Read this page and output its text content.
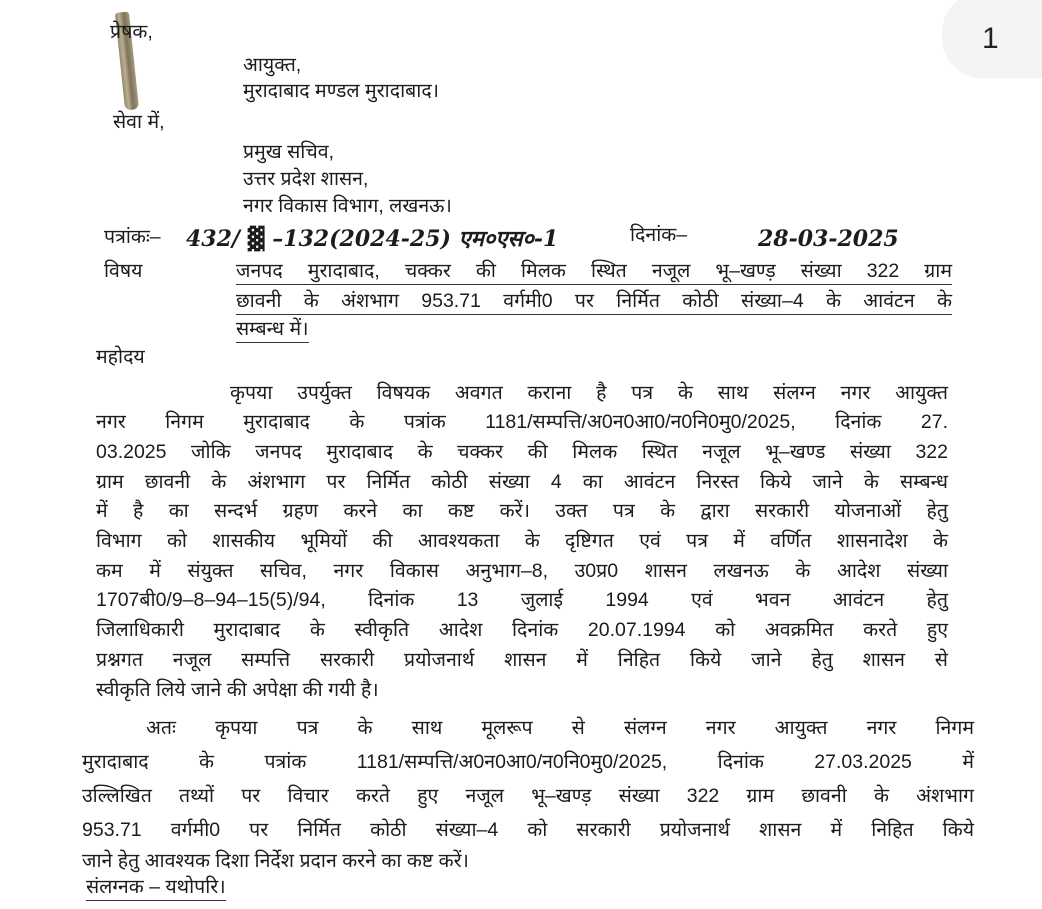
1
प्रेषक,
आयुक्त,
मुरादाबाद मण्डल मुरादाबाद।
सेवा में,
प्रमुख सचिव,
उत्तर प्रदेश शासन,
नगर विकास विभाग, लखनऊ।
पत्रांकः– 432/ ▓ –132(2024-25) एम०एस०-1	दिनांक–	28-03-2025
विषय	जनपद मुरादाबाद, चक्कर की मिलक स्थित नजूल भू–खण्ड़ संख्या 322 ग्राम
छावनी के अंशभाग 953.71 वर्गमी0 पर निर्मित कोठी संख्या–4 के आवंटन के
सम्बन्ध में।
महोदय
कृपया उपर्युक्त विषयक अवगत कराना है पत्र के साथ संलग्न नगर आयुक्त
नगर निगम मुरादाबाद के पत्रांक 1181/सम्पत्ति/अ0न0आ0/न0नि0मु0/2025, दिनांक 27.
03.2025 जोकि जनपद मुरादाबाद के चक्कर की मिलक स्थित नजूल भू–खण्ड संख्या 322
ग्राम छावनी के अंशभाग पर निर्मित कोठी संख्या 4 का आवंटन निरस्त किये जाने के सम्बन्ध
में है का सन्दर्भ ग्रहण करने का कष्ट करें। उक्त पत्र के द्वारा सरकारी योजनाओं हेतु
विभाग को शासकीय भूमियों की आवश्यकता के दृष्टिगत एवं पत्र में वर्णित शासनादेश के
कम में संयुक्त सचिव, नगर विकास अनुभाग–8, उ0प्र0 शासन लखनऊ के आदेश संख्या
1707बी0/9–8–94–15(5)/94, दिनांक 13 जुलाई 1994 एवं भवन आवंटन हेतु
जिलाधिकारी मुरादाबाद के स्वीकृति आदेश दिनांक 20.07.1994 को अवक्रमित करते हुए
प्रश्नगत नजूल सम्पत्ति सरकारी प्रयोजनार्थ शासन में निहित किये जाने हेतु शासन से
स्वीकृति लिये जाने की अपेक्षा की गयी है।
अतः कृपया पत्र के साथ मूलरूप से संलग्न नगर आयुक्त नगर निगम
मुरादाबाद के पत्रांक 1181/सम्पत्ति/अ0न0आ0/न0नि0मु0/2025, दिनांक 27.03.2025 में
उल्लिखित तथ्यों पर विचार करते हुए नजूल भू–खण्ड़ संख्या 322 ग्राम छावनी के अंशभाग
953.71 वर्गमी0 पर निर्मित कोठी संख्या–4 को सरकारी प्रयोजनार्थ शासन में निहित किये
जाने हेतु आवश्यक दिशा निर्देश प्रदान करने का कष्ट करें।
संलग्नक – यथोपरि।
